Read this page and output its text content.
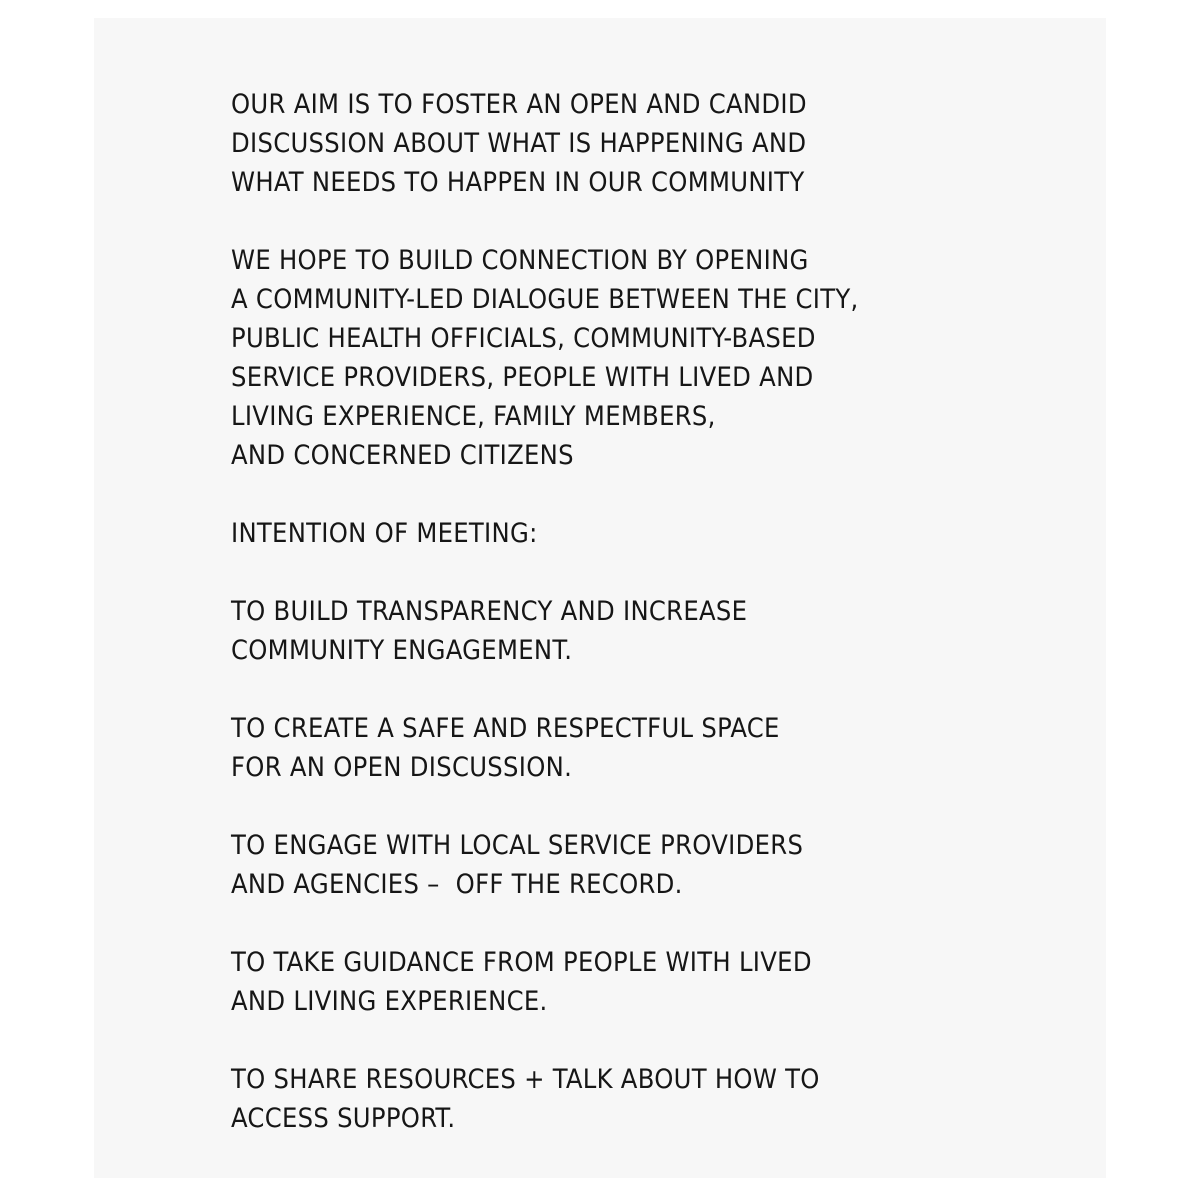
OUR AIM IS TO FOSTER AN OPEN AND CANDID
DISCUSSION ABOUT WHAT IS HAPPENING AND
WHAT NEEDS TO HAPPEN IN OUR COMMUNITY

WE HOPE TO BUILD CONNECTION BY OPENING
A COMMUNITY-LED DIALOGUE BETWEEN THE CITY,
PUBLIC HEALTH OFFICIALS, COMMUNITY-BASED
SERVICE PROVIDERS, PEOPLE WITH LIVED AND
LIVING EXPERIENCE, FAMILY MEMBERS,
AND CONCERNED CITIZENS

INTENTION OF MEETING:

TO BUILD TRANSPARENCY AND INCREASE
COMMUNITY ENGAGEMENT.

TO CREATE A SAFE AND RESPECTFUL SPACE
FOR AN OPEN DISCUSSION.

TO ENGAGE WITH LOCAL SERVICE PROVIDERS
AND AGENCIES –  OFF THE RECORD.

TO TAKE GUIDANCE FROM PEOPLE WITH LIVED
AND LIVING EXPERIENCE.

TO SHARE RESOURCES + TALK ABOUT HOW TO
ACCESS SUPPORT.
